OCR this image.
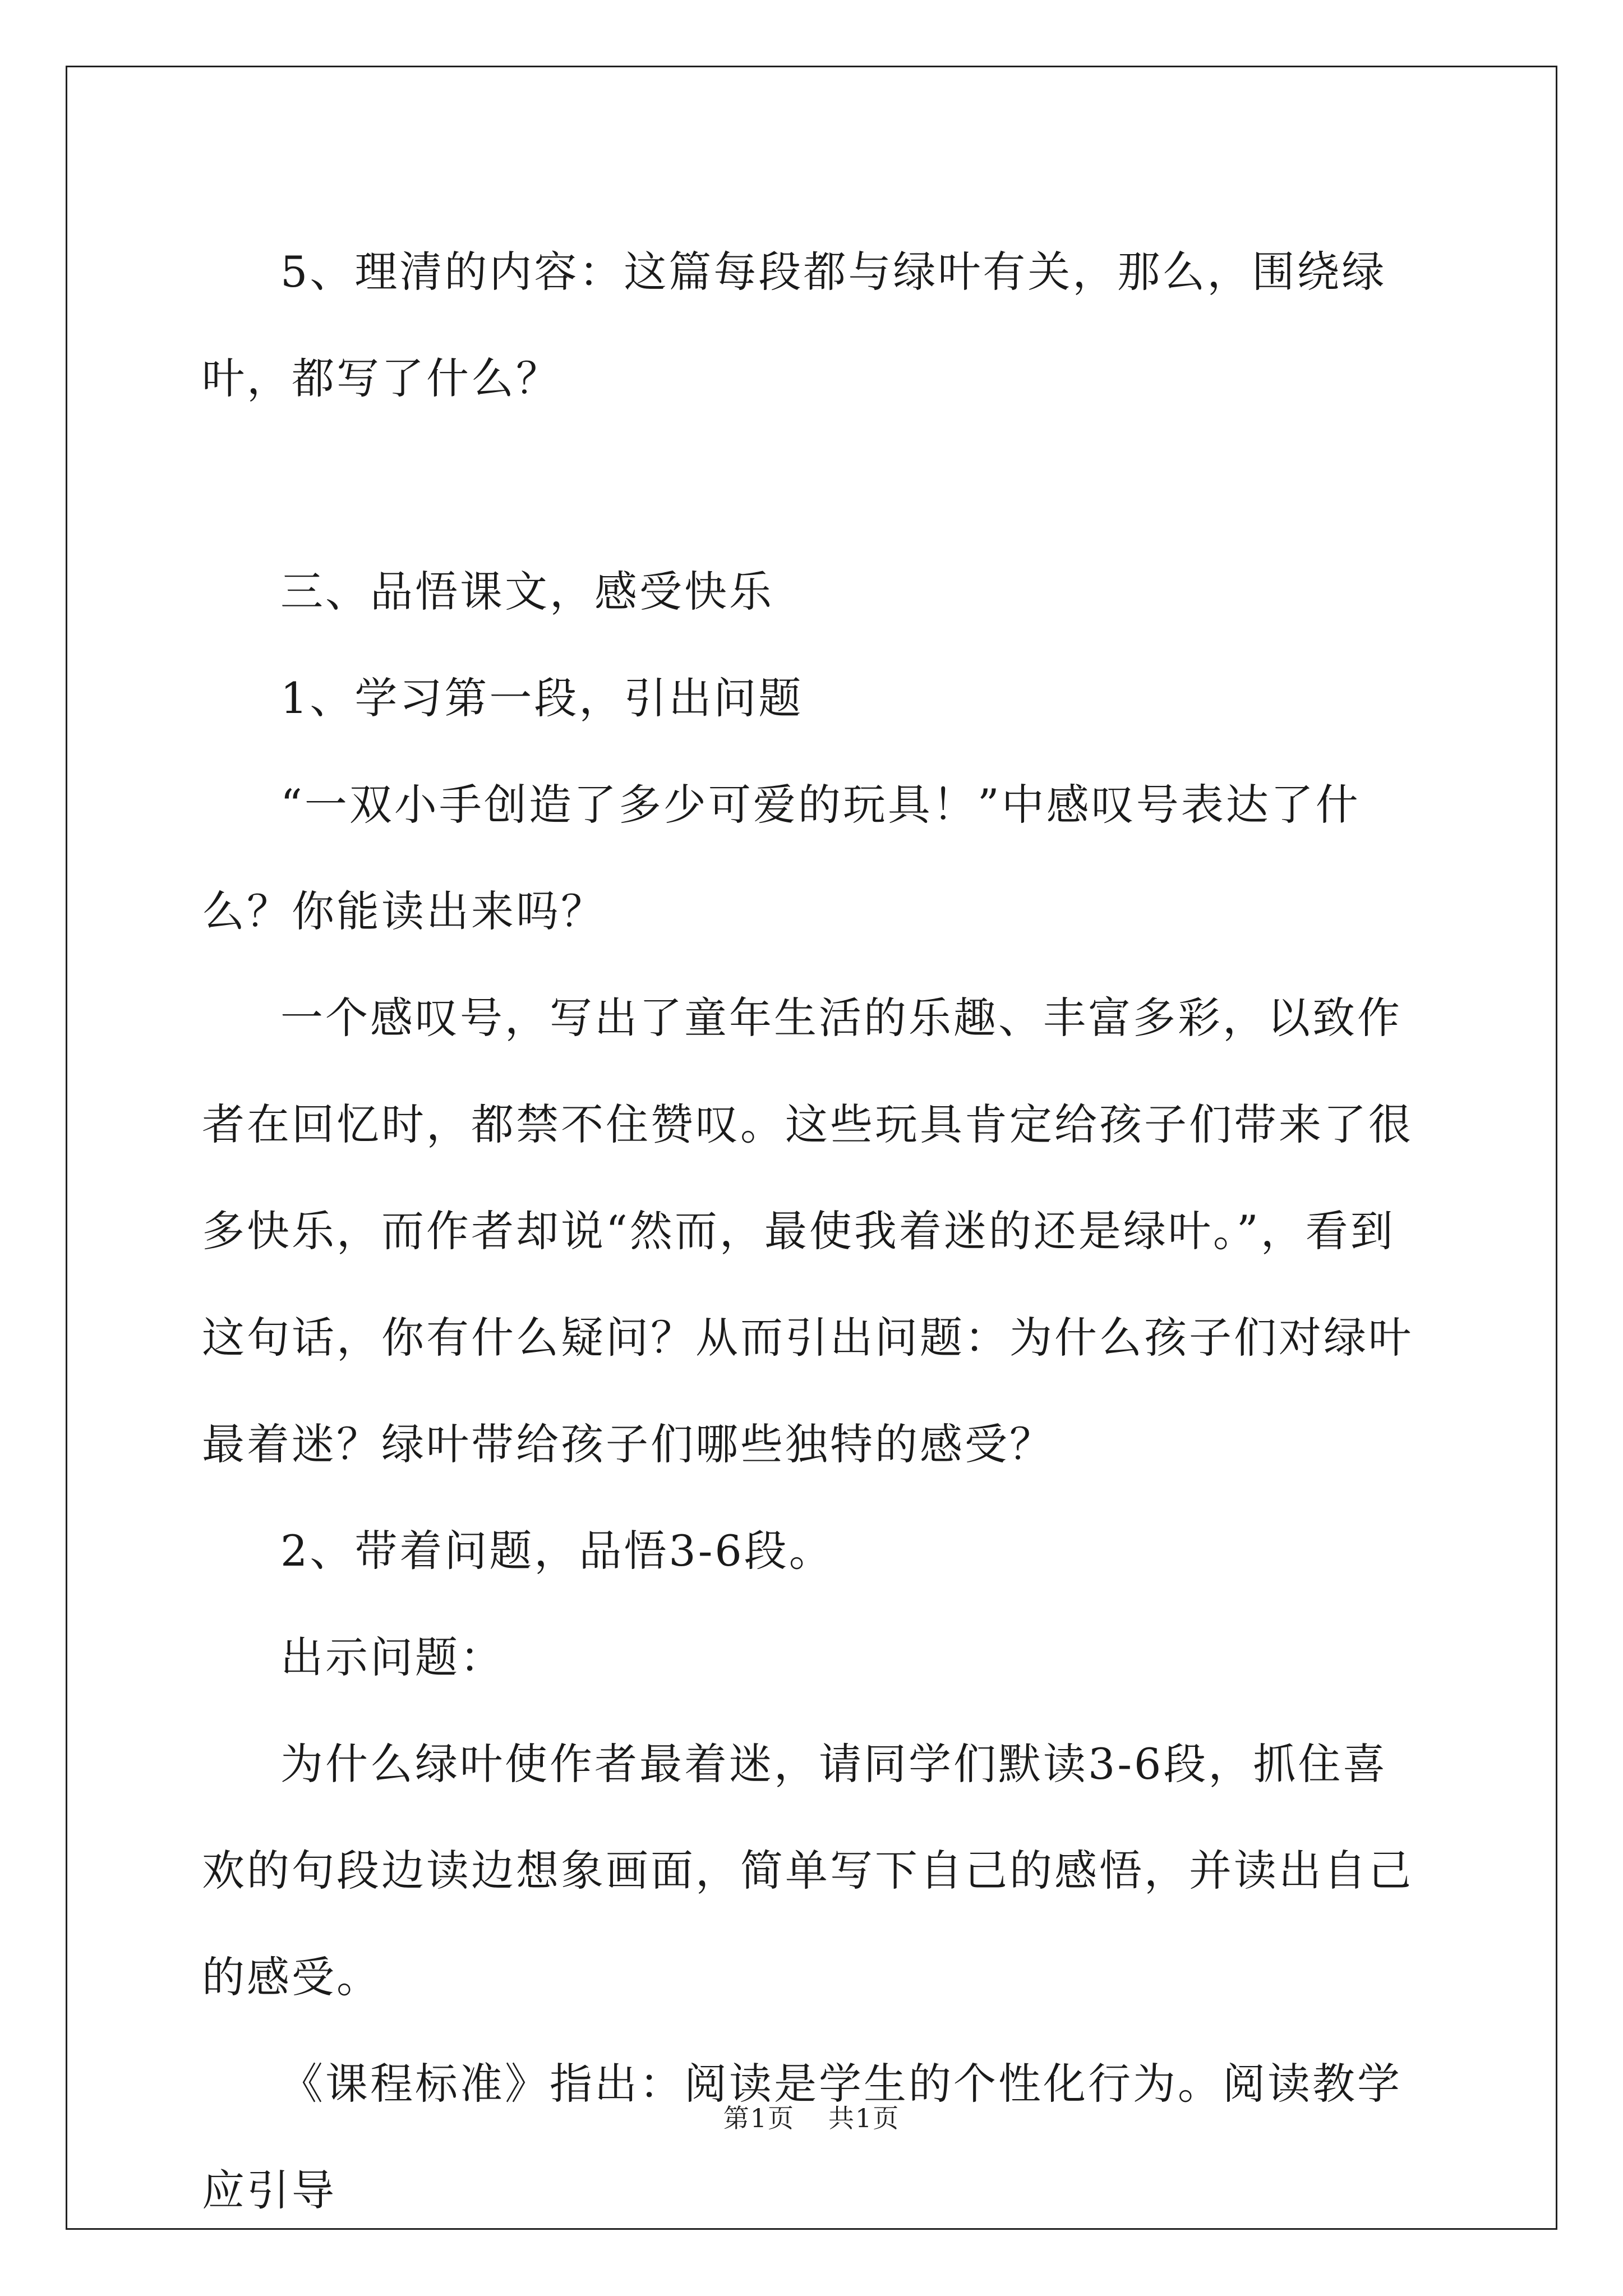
5、理清的内容：这篇每段都与绿叶有关，那么，围绕绿叶，都写了什么？

三、品悟课文，感受快乐

1、学习第一段，引出问题

“一双小手创造了多少可爱的玩具！”中感叹号表达了什么？你能读出来吗？

一个感叹号，写出了童年生活的乐趣、丰富多彩，以致作者在回忆时，都禁不住赞叹。这些玩具肯定给孩子们带来了很多快乐，而作者却说“然而，最使我着迷的还是绿叶。”，看到这句话，你有什么疑问？从而引出问题：为什么孩子们对绿叶最着迷？绿叶带给孩子们哪些独特的感受？

2、带着问题，品悟3-6段。

出示问题：

为什么绿叶使作者最着迷，请同学们默读3-6段，抓住喜欢的句段边读边想象画面，简单写下自己的感悟，并读出自己的感受。

《课程标准》指出：阅读是学生的个性化行为。阅读教学应引导

第1页 共1页
